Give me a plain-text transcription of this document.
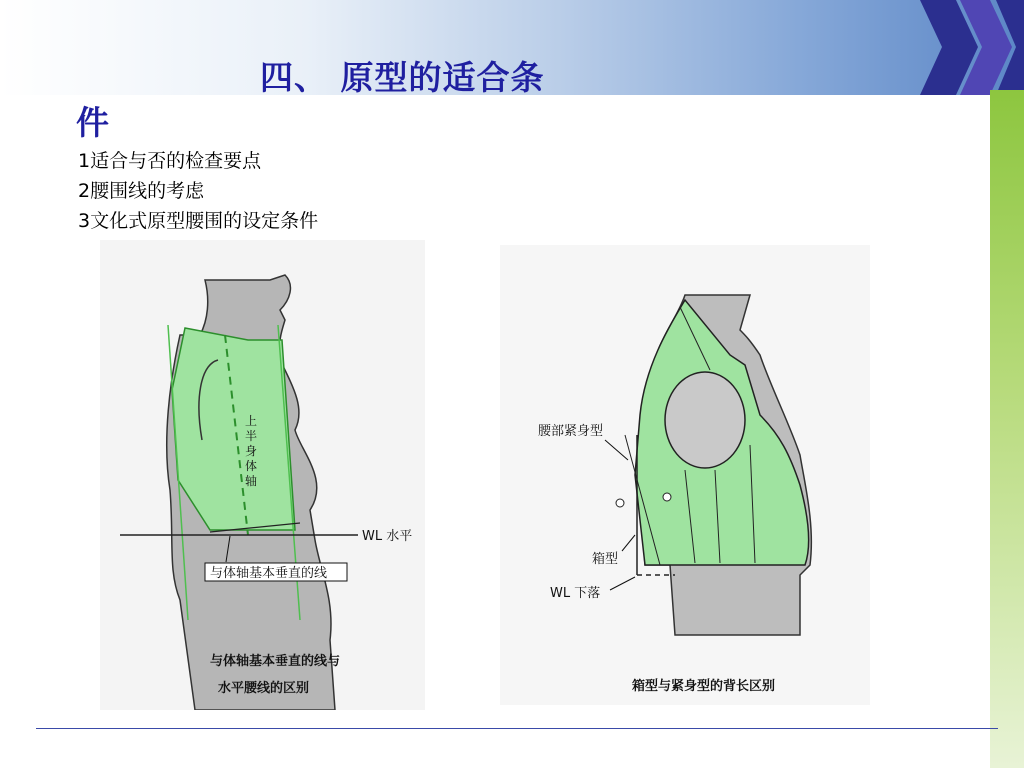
四、 原型的适合条
件
1适合与否的检查要点
2腰围线的考虑
3文化式原型腰围的设定条件
WL 水平
上
半
身
体
轴
与体轴基本垂直的线
与体轴基本垂直的线与
水平腰线的区别
腰部紧身型
箱型
WL 下落
箱型与紧身型的背长区别
